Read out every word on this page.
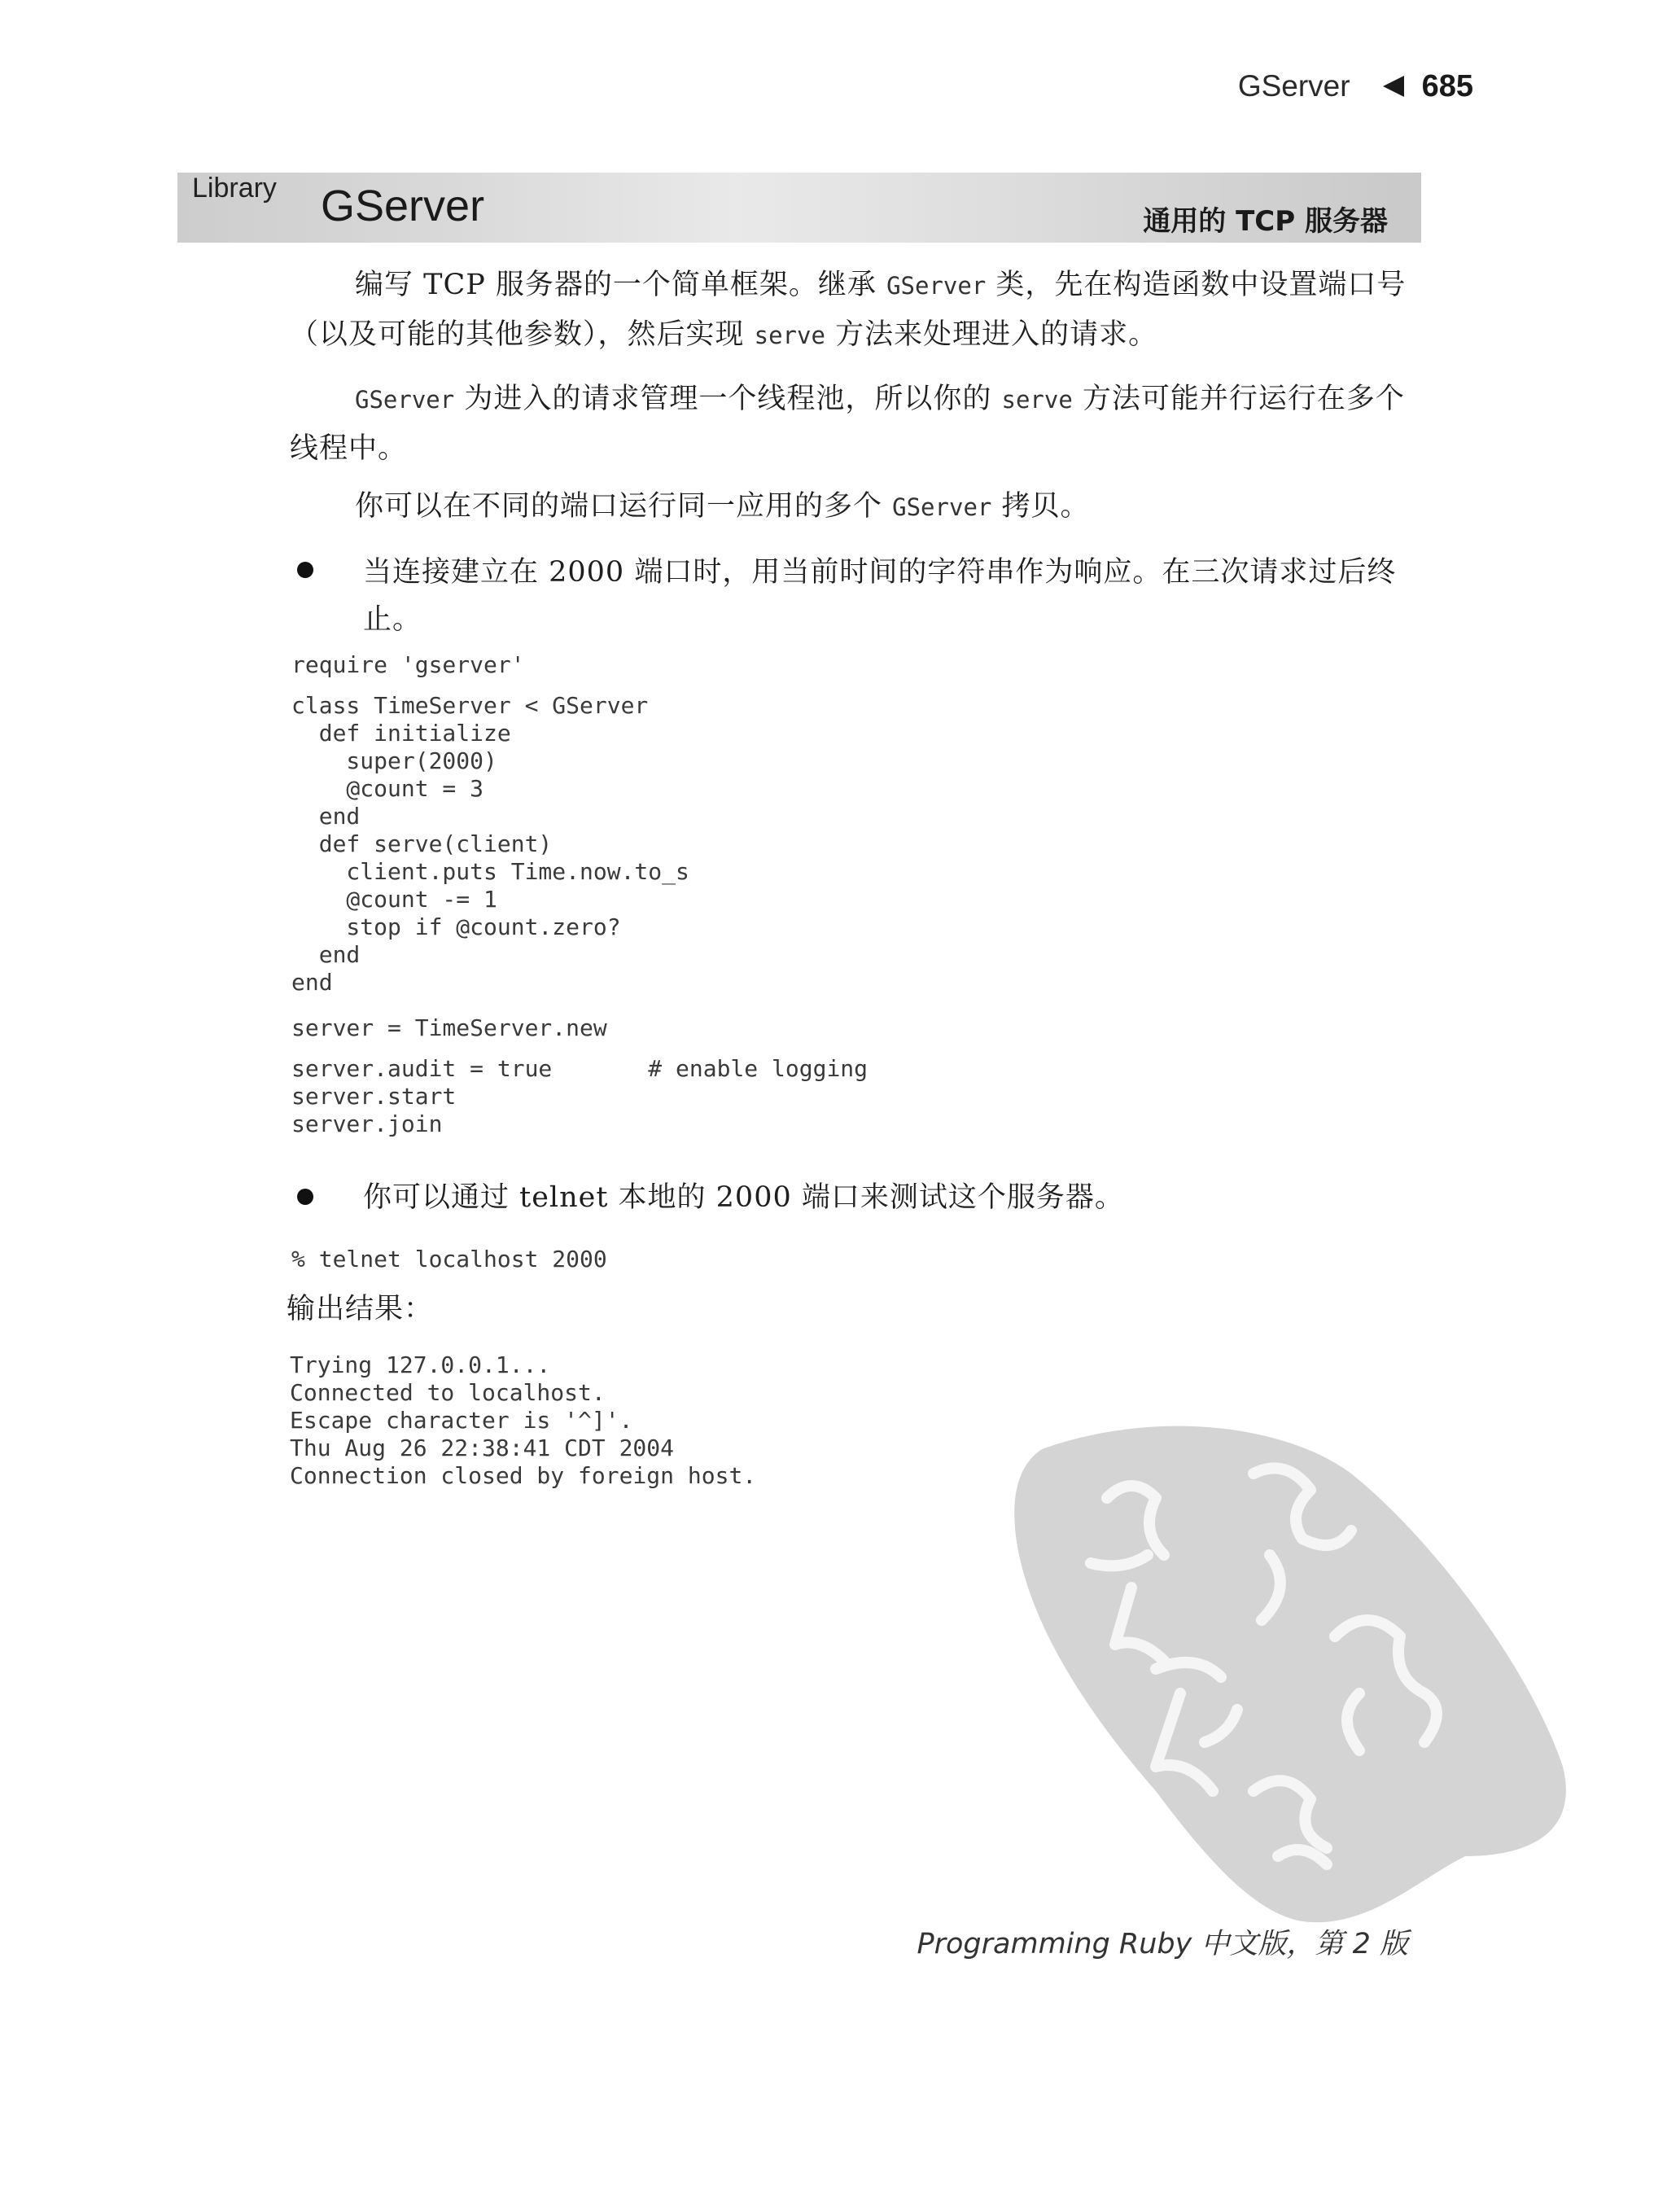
GServer 685
Library GServer	通用的 TCP 服务器
编写 TCP 服务器的一个简单框架。继承 GServer 类，先在构造函数中设置端口号（以及可能的其他参数），然后实现 serve 方法来处理进入的请求。
GServer 为进入的请求管理一个线程池，所以你的 serve 方法可能并行运行在多个线程中。
你可以在不同的端口运行同一应用的多个 GServer 拷贝。
当连接建立在 2000 端口时，用当前时间的字符串作为响应。在三次请求过后终止。
require 'gserver'
class TimeServer < GServer
def initialize
super(2000)
@count = 3
end
def serve(client)
client.puts Time.now.to_s
@count -= 1
stop if @count.zero?
end
end
server = TimeServer.new
server.audit = true       # enable logging
server.start
server.join
你可以通过 telnet 本地的 2000 端口来测试这个服务器。
% telnet localhost 2000
输出结果：
Trying 127.0.0.1...
Connected to localhost.
Escape character is '^]'.
Thu Aug 26 22:38:41 CDT 2004
Connection closed by foreign host.
Programming Ruby 中文版，第 2 版
